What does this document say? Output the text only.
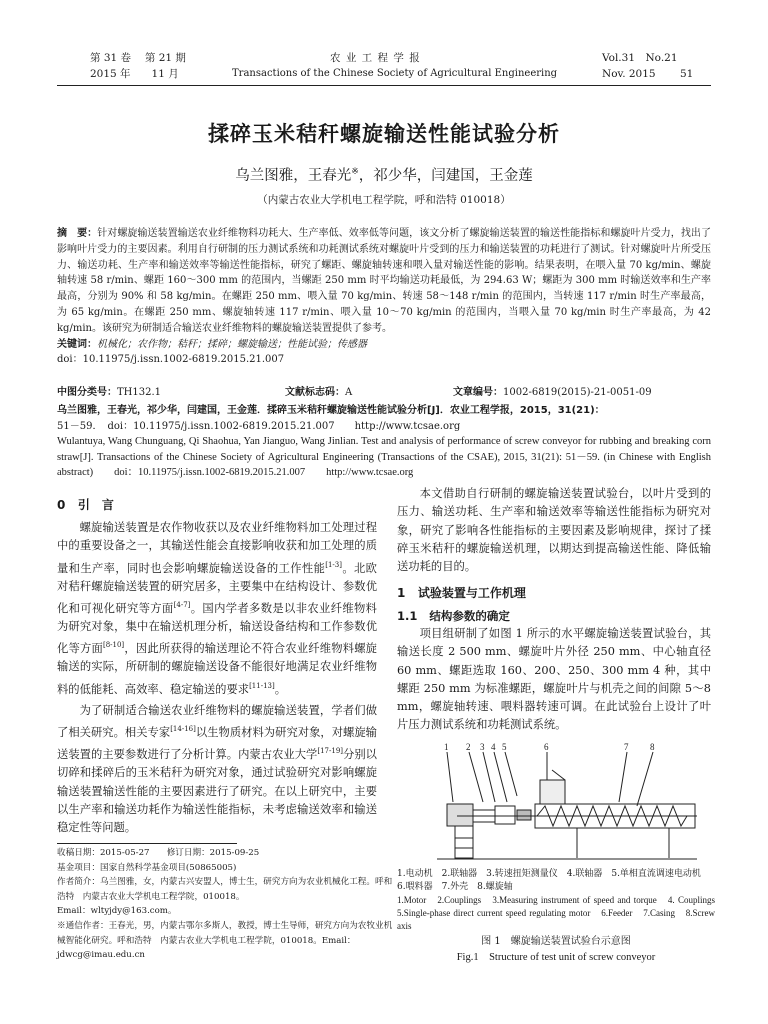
第 31 卷　 第 21 期
2015 年　　11 月
农 业 工 程 学 报
Transactions of the Chinese Society of Agricultural Engineering
Vol.31　No.21
Nov. 2015 51
揉碎玉米秸秆螺旋输送性能试验分析
乌兰图雅，王春光※，祁少华，闫建国，王金莲
（内蒙古农业大学机电工程学院，呼和浩特 010018）
摘　要：针对螺旋输送装置输送农业纤维物料功耗大、生产率低、效率低等问题，该文分析了螺旋输送装置的输送性能指标和螺旋叶片受力，找出了影响叶片受力的主要因素。利用自行研制的压力测试系统和功耗测试系统对螺旋叶片受到的压力和输送装置的功耗进行了测试。针对螺旋叶片所受压力、输送功耗、生产率和输送效率等输送性能指标，研究了螺距、螺旋轴转速和喂入量对输送性能的影响。结果表明，在喂入量 70 kg/min、螺旋轴转速 58 r/min、螺距 160～300 mm 的范围内，当螺距 250 mm 时平均输送功耗最低，为 294.63 W；螺距为 300 mm 时输送效率和生产率最高，分别为 90% 和 58 kg/min。在螺距 250 mm、喂入量 70 kg/min、转速 58～148 r/min 的范围内，当转速 117 r/min 时生产率最高，为 65 kg/min。在螺距 250 mm、螺旋轴转速 117 r/min、喂入量 10～70 kg/min 的范围内，当喂入量 70 kg/min 时生产率最高，为 42 kg/min。该研究为研制适合输送农业纤维物料的螺旋输送装置提供了参考。
关键词：机械化；农作物；秸秆；揉碎；螺旋输送；性能试验；传感器
doi：10.11975/j.issn.1002-6819.2015.21.007
中图分类号：TH132.1	文献标志码：A	文章编号：1002-6819(2015)-21-0051-09
乌兰图雅，王春光，祁少华，闫建国，王金莲．揉碎玉米秸秆螺旋输送性能试验分析[J]．农业工程学报，2015，31(21)：
51－59．　doi：10.11975/j.issn.1002-6819.2015.21.007　　http://www.tcsae.org
Wulantuya, Wang Chunguang, Qi Shaohua, Yan Jianguo, Wang Jinlian. Test and analysis of performance of screw conveyor for rubbing and breaking corn straw[J]. Transactions of the Chinese Society of Agricultural Engineering (Transactions of the CSAE), 2015, 31(21): 51－59. (in Chinese with English abstract)　　doi：10.11975/j.issn.1002-6819.2015.21.007　　http://www.tcsae.org
0 引　言
螺旋输送装置是农作物收获以及农业纤维物料加工处理过程中的重要设备之一，其输送性能会直接影响收获和加工处理的质量和生产率，同时也会影响螺旋输送设备的工作性能[1-3]。北欧对秸秆螺旋输送装置的研究居多，主要集中在结构设计、参数优化和可视化研究等方面[4-7]。国内学者多数是以非农业纤维物料为研究对象，集中在输送机理分析，输送设备结构和工作参数优化等方面[8-10]，因此所获得的输送理论不符合农业纤维物料螺旋输送的实际，所研制的螺旋输送设备不能很好地满足农业纤维物料的低能耗、高效率、稳定输送的要求[11-13]。
为了研制适合输送农业纤维物料的螺旋输送装置，学者们做了相关研究。相关专家[14-16]以生物质材料为研究对象，对螺旋输送装置的主要参数进行了分析计算。内蒙古农业大学[17-19]分别以切碎和揉碎后的玉米秸秆为研究对象，通过试验研究对影响螺旋输送装置输送性能的主要因素进行了研究。在以上研究中，主要以生产率和输送功耗作为输送性能指标，未考虑输送效率和输送稳定性等问题。
收稿日期：2015-05-27　　修订日期：2015-09-25
基金项目：国家自然科学基金项目(50865005)
作者简介：乌兰图雅，女，内蒙古兴安盟人，博士生，研究方向为农业机械化工程。呼和浩特　内蒙古农业大学机电工程学院，010018。
Email：wltyjdy@163.com。
※通信作者：王春光，男，内蒙古鄂尔多斯人，教授，博士生导师，研究方向为农牧业机械智能化研究。呼和浩特　内蒙古农业大学机电工程学院，010018。Email：jdwcg@imau.edu.cn
本文借助自行研制的螺旋输送装置试验台，以叶片受到的压力、输送功耗、生产率和输送效率等输送性能指标为研究对象，研究了影响各性能指标的主要因素及影响规律，探讨了揉碎玉米秸秆的螺旋输送机理，以期达到提高输送性能、降低输送功耗的目的。
1 试验装置与工作机理
1.1 结构参数的确定
项目组研制了如图 1 所示的水平螺旋输送装置试验台，其输送长度 2 500 mm、螺旋叶片外径 250 mm、中心轴直径 60 mm、螺距选取 160、200、250、300 mm 4 种，其中螺距 250 mm 为标准螺距，螺旋叶片与机壳之间的间隙 5～8 mm，螺旋轴转速、喂料器转速可调。在此试验台上设计了叶片压力测试系统和功耗测试系统。
1 2 3 4 5	6	7 8
1.电动机　2.联轴器　3.转速扭矩测量仪　4.联轴器　5.单相直流调速电动机　6.喂料器　7.外壳　8.螺旋轴
1.Motor　2.Couplings　3.Measuring instrument of speed and torque　4. Couplings　5.Single-phase direct current speed regulating motor　6.Feeder　7.Casing　8.Screw axis
图 1　螺旋输送装置试验台示意图
Fig.1　Structure of test unit of screw conveyor
